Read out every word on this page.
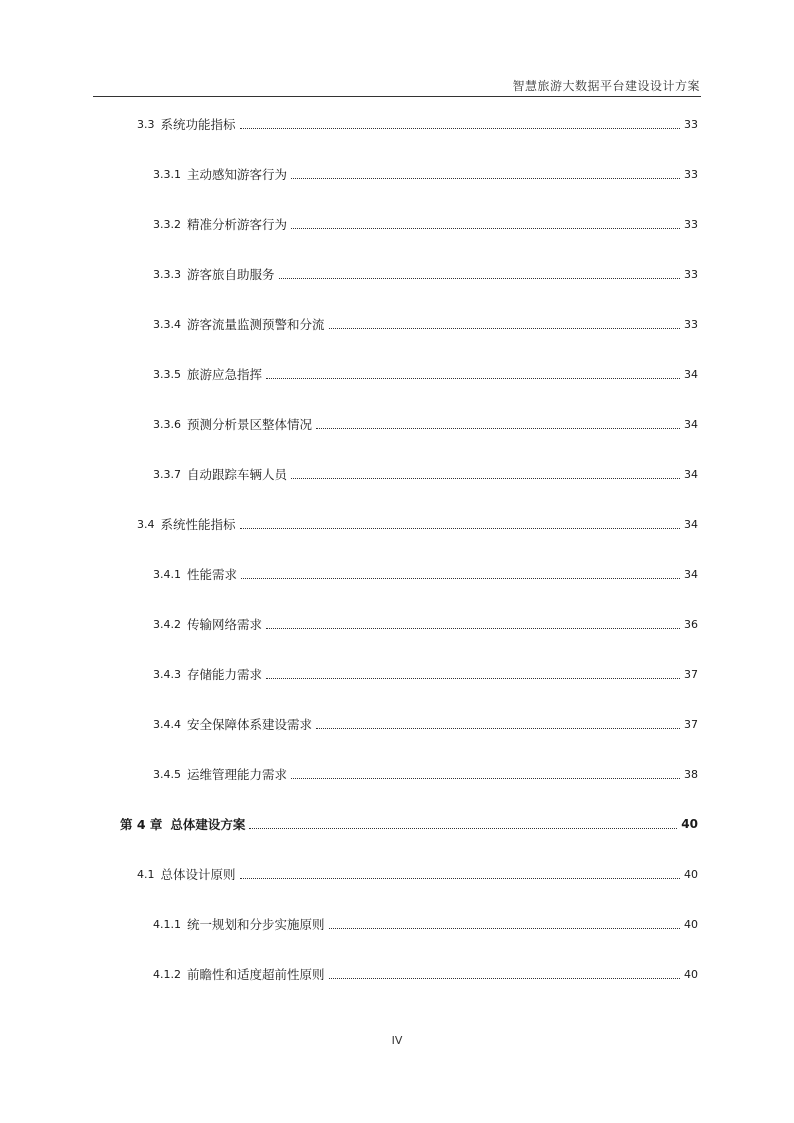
智慧旅游大数据平台建设设计方案
3.3 系统功能指标	33
3.3.1 主动感知游客行为	33
3.3.2 精准分析游客行为	33
3.3.3 游客旅自助服务	33
3.3.4 游客流量监测预警和分流	33
3.3.5 旅游应急指挥	34
3.3.6 预测分析景区整体情况	34
3.3.7 自动跟踪车辆人员	34
3.4 系统性能指标	34
3.4.1 性能需求	34
3.4.2 传输网络需求	36
3.4.3 存储能力需求	37
3.4.4 安全保障体系建设需求	37
3.4.5 运维管理能力需求	38
第 4 章 总体建设方案	40
4.1 总体设计原则	40
4.1.1 统一规划和分步实施原则	40
4.1.2 前瞻性和适度超前性原则	40
IV
